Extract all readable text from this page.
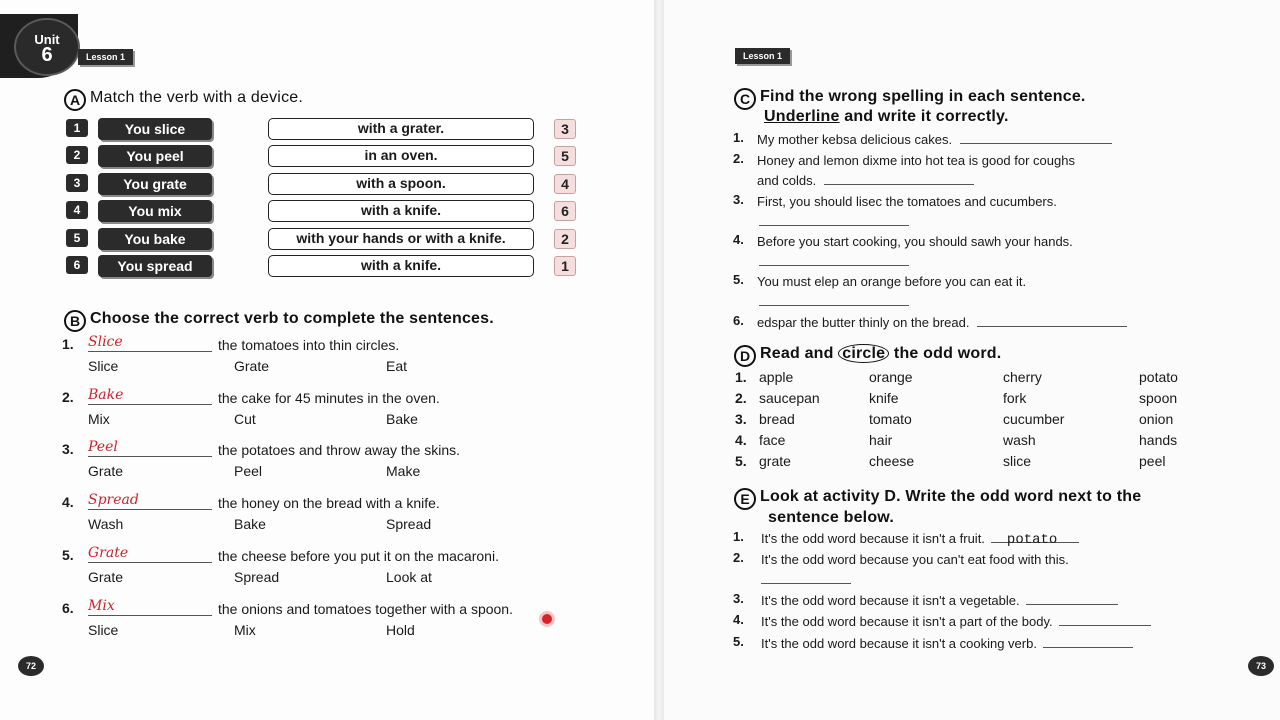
Unit
6	Lesson 1
A Match the verb with a device.
1	You slice	with a grater.	3
2	You peel	in an oven.	5
3	You grate	with a spoon.	4
4	You mix	with a knife.	6
5	You bake	with your hands or with a knife.	2
6	You spread	with a knife.	1
B Choose the correct verb to complete the sentences.
1. Slice	the tomatoes into thin circles.
Slice	Grate	Eat
2. Bake	the cake for 45 minutes in the oven.
Mix	Cut	Bake
3. Peel	the potatoes and throw away the skins.
Grate	Peel	Make
4. Spread	the honey on the bread with a knife.
Wash	Bake	Spread
5. Grate	the cheese before you put it on the macaroni.
Grate	Spread	Look at
6. Mix	the onions and tomatoes together with a spoon.
Slice	Mix	Hold
72
Lesson 1
C Find the wrong spelling in each sentence.
Underline and write it correctly.
1. My mother kebsa delicious cakes.
2. Honey and lemon dixme into hot tea is good for coughs
and colds.
3. First, you should lisec the tomatoes and cucumbers.

4. Before you start cooking, you should sawh your hands.

5. You must elep an orange before you can eat it.

6. edspar the butter thinly on the bread.
D Read and circle the odd word.
1. apple	orange	cherry	potato
2. saucepan	knife	fork	spoon
3. bread	tomato	cucumber	onion
4. face	hair	wash	hands
5. grate	cheese	slice	peel
E Look at activity D. Write the odd word next to the
sentence below.
1. It's the odd word because it isn't a fruit. potato
2. It's the odd word because you can't eat food with this.

3. It's the odd word because it isn't a vegetable.
4. It's the odd word because it isn't a part of the body.
5. It's the odd word because it isn't a cooking verb.
73
